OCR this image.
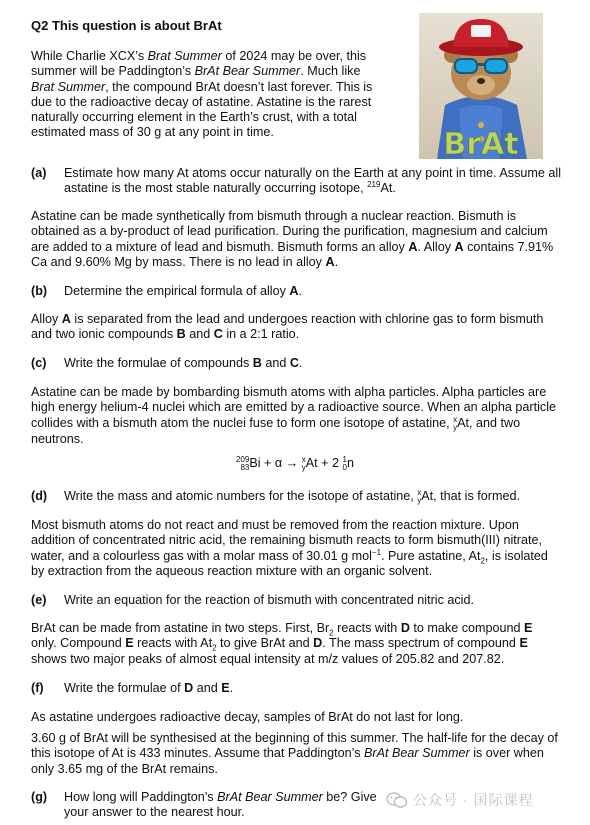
Q2 This question is about BrAt

While Charlie XCX’s Brat Summer of 2024 may be over, this summer will be Paddington’s BrAt Bear Summer. Much like Brat Summer, the compound BrAt doesn’t last forever. This is due to the radioactive decay of astatine. Astatine is the rarest naturally occurring element in the Earth’s crust, with a total estimated mass of 30 g at any point in time.	BrAt
(a) Estimate how many At atoms occur naturally on the Earth at any point in time. Assume all astatine is the most stable naturally occurring isotope, $^{219}$At.

Astatine can be made synthetically from bismuth through a nuclear reaction. Bismuth is obtained as a by-product of lead purification. During the purification, magnesium and calcium are added to a mixture of lead and bismuth. Bismuth forms an alloy A. Alloy A contains 7.91% Ca and 9.60% Mg by mass. There is no lead in alloy A.

(b) Determine the empirical formula of alloy A.

Alloy A is separated from the lead and undergoes reaction with chlorine gas to form bismuth and two ionic compounds B and C in a 2:1 ratio.

(c) Write the formulae of compounds B and C.

Astatine can be made by bombarding bismuth atoms with alpha particles. Alpha particles are high energy helium-4 nuclei which are emitted by a radioactive source. When an alpha particle collides with a bismuth atom the nuclei fuse to form one isotope of astatine, x
y At, and two neutrons.

209
83 Bi + α → x
y At + 2 1
0 n

(d) Write the mass and atomic numbers for the isotope of astatine, x
y At, that is formed.

Most bismuth atoms do not react and must be removed from the reaction mixture. Upon addition of concentrated nitric acid, the remaining bismuth reacts to form bismuth(III) nitrate, water, and a colourless gas with a molar mass of 30.01 g mol$^{-1}$. Pure astatine, $At_2$, is isolated by extraction from the aqueous reaction mixture with an organic solvent.

(e) Write an equation for the reaction of bismuth with concentrated nitric acid.

BrAt can be made from astatine in two steps. First, $Br_2$ reacts with D to make compound E only. Compound E reacts with $At_2$ to give BrAt and D. The mass spectrum of compound E shows two major peaks of almost equal intensity at m/z values of 205.82 and 207.82.

(f) Write the formulae of D and E.

As astatine undergoes radioactive decay, samples of BrAt do not last for long.

3.60 g of BrAt will be synthesised at the beginning of this summer. The half-life for the decay of this isotope of At is 433 minutes. Assume that Paddington’s BrAt Bear Summer is over when only 3.65 mg of the BrAt remains.

(g) How long will Paddington’s BrAt Bear Summer be? Give your answer to the nearest hour.

公众号 · 国际课程
